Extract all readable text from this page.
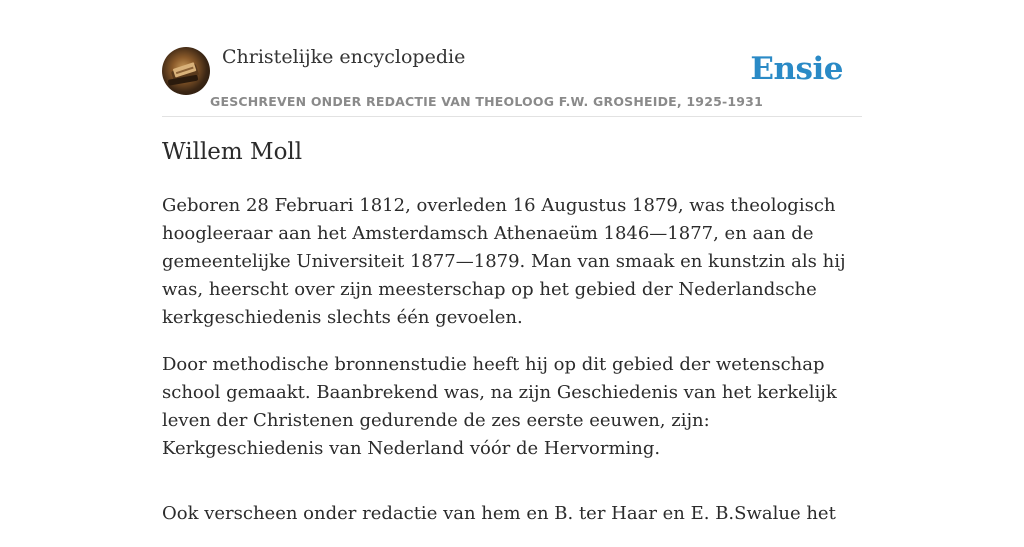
Christelijke encyclopedie
GESCHREVEN ONDER REDACTIE VAN THEOLOOG F.W. GROSHEIDE, 1925-1931
Ensie
Willem Moll

Geboren 28 Februari 1812, overleden 16 Augustus 1879, was theologisch hoogleeraar aan het Amsterdamsch Athenaeüm 1846—1877, en aan de gemeentelijke Universiteit 1877—1879. Man van smaak en kunstzin als hij was, heerscht over zijn meesterschap op het gebied der Nederlandsche kerkgeschiedenis slechts één gevoelen.

Door methodische bronnenstudie heeft hij op dit gebied der wetenschap school gemaakt. Baanbrekend was, na zijn Geschiedenis van het kerkelijk leven der Christenen gedurende de zes eerste eeuwen, zijn: Kerkgeschiedenis van Nederland vóór de Hervorming.

Ook verscheen onder redactie van hem en B. ter Haar en E. B.Swalue het
